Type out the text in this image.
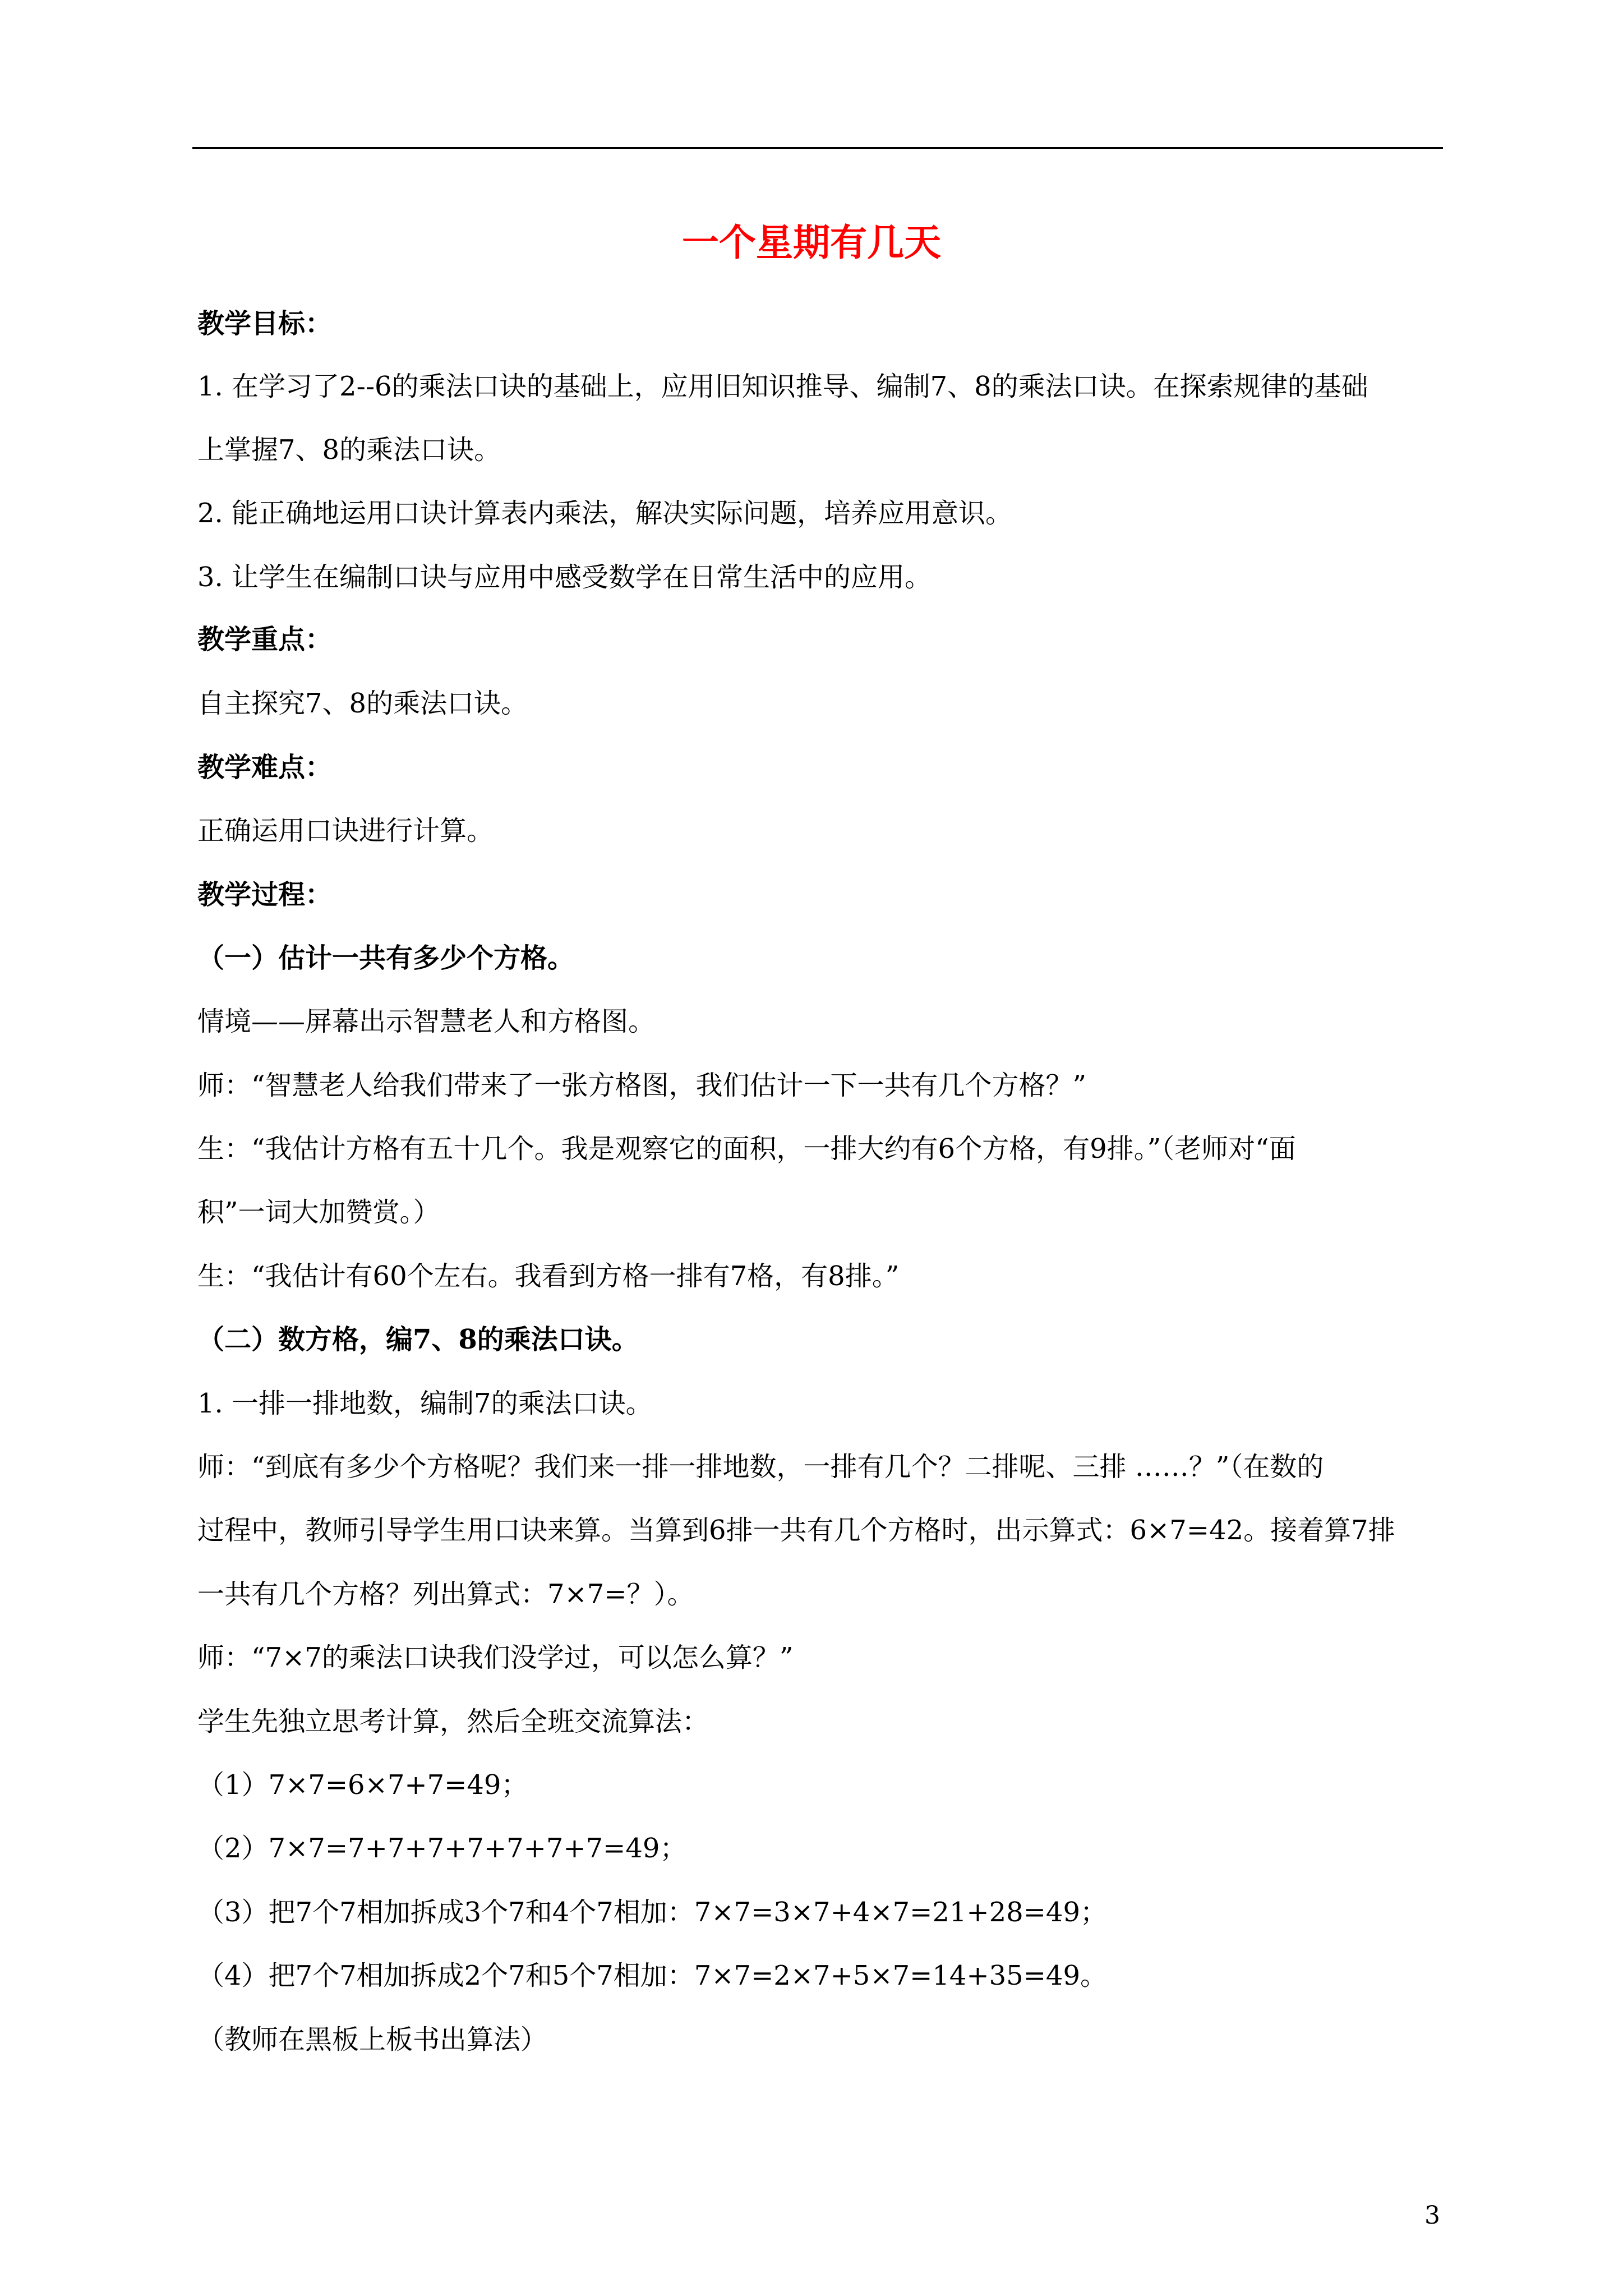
一个星期有几天

教学目标：

1. 在学习了2--6的乘法口诀的基础上，应用旧知识推导、编制7、8的乘法口诀。在探索规律的基础

上掌握7、8的乘法口诀。

2. 能正确地运用口诀计算表内乘法，解决实际问题，培养应用意识。

3. 让学生在编制口诀与应用中感受数学在日常生活中的应用。

教学重点：

自主探究7、8的乘法口诀。

教学难点：

正确运用口诀进行计算。

教学过程：

（一）估计一共有多少个方格。

情境——屏幕出示智慧老人和方格图。

师：“智慧老人给我们带来了一张方格图，我们估计一下一共有几个方格？”

生：“我估计方格有五十几个。我是观察它的面积，一排大约有6个方格，有9排。”（老师对“面

积”一词大加赞赏。）

生：“我估计有60个左右。我看到方格一排有7格，有8排。”

（二）数方格，编7、8的乘法口诀。

1. 一排一排地数，编制7的乘法口诀。

师：“到底有多少个方格呢？我们来一排一排地数，一排有几个？二排呢、三排 ……？”（在数的

过程中，教师引导学生用口诀来算。当算到6排一共有几个方格时，出示算式：6×7=42。接着算7排

一共有几个方格？列出算式：7×7=？）。

师：“7×7的乘法口诀我们没学过，可以怎么算？”

学生先独立思考计算，然后全班交流算法：

（1）7×7=6×7+7=49；

（2）7×7=7+7+7+7+7+7+7=49；

（3）把7个7相加拆成3个7和4个7相加：7×7=3×7+4×7=21+28=49；

（4）把7个7相加拆成2个7和5个7相加：7×7=2×7+5×7=14+35=49。

（教师在黑板上板书出算法）

3
